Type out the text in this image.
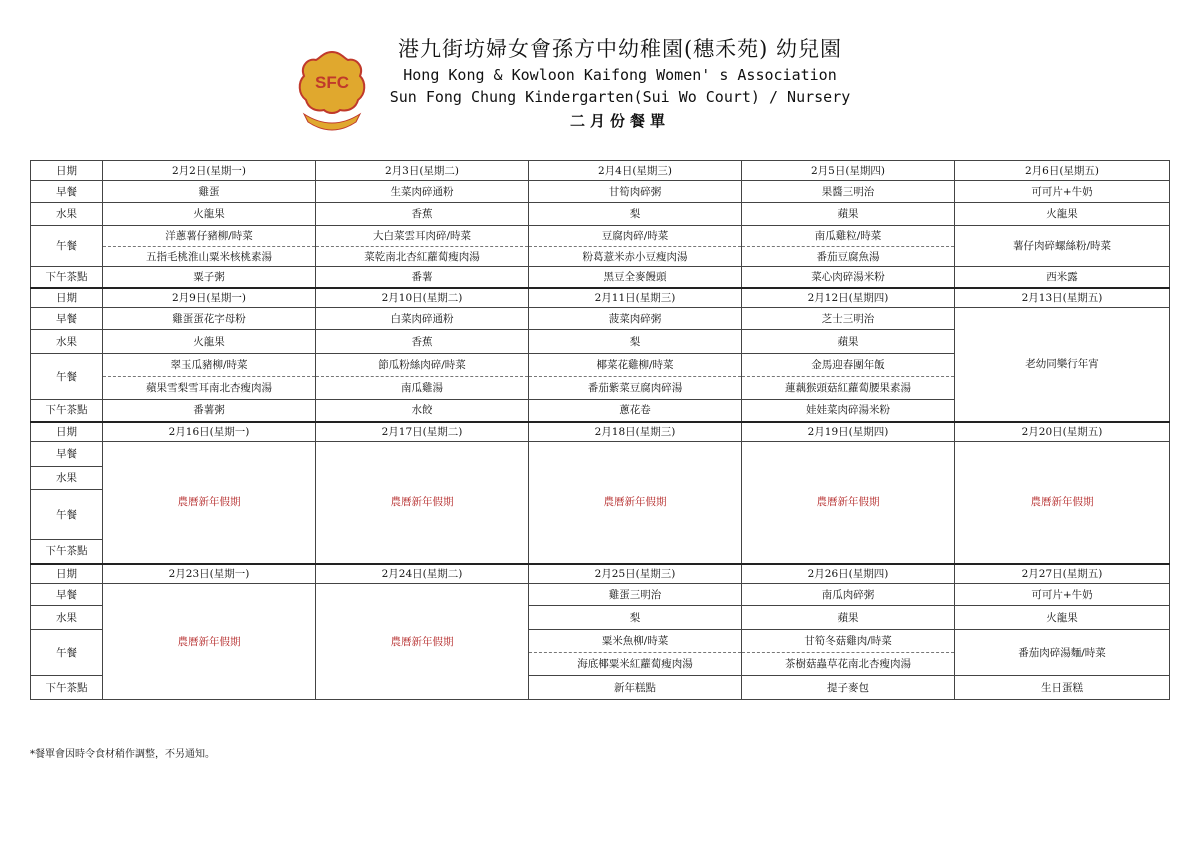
SFC
港九街坊婦女會孫方中幼稚園(穗禾苑) 幼兒園
Hong Kong & Kowloon Kaifong Women' s Association
Sun Fong Chung Kindergarten(Sui Wo Court) / Nursery
二月份餐單
日期	2月2日(星期一)	2月3日(星期二)	2月4日(星期三)	2月5日(星期四)	2月6日(星期五)
早餐	雞蛋	生菜肉碎通粉	甘筍肉碎粥	果醬三明治	可可片+牛奶
水果	火龍果	香蕉	梨	蘋果	火龍果
午餐	洋蔥薯仔豬柳/時菜	大白菜雲耳肉碎/時菜	豆腐肉碎/時菜	南瓜雞粒/時菜	薯仔肉碎螺絲粉/時菜
	五指毛桃淮山粟米核桃素湯	菜乾南北杏紅蘿蔔瘦肉湯	粉葛薏米赤小豆瘦肉湯	番茄豆腐魚湯	
下午茶點	粟子粥	番薯	黑豆全麥饅頭	菜心肉碎湯米粉	西米露
日期	2月9日(星期一)	2月10日(星期二)	2月11日(星期三)	2月12日(星期四)	2月13日(星期五)
早餐	雞蛋蛋花字母粉	白菜肉碎通粉	菠菜肉碎粥	芝士三明治	老幼同樂行年宵
水果	火龍果	香蕉	梨	蘋果	
午餐	翠玉瓜豬柳/時菜	節瓜粉絲肉碎/時菜	椰菜花雞柳/時菜	金馬迎春團年飯	
	蘋果雪梨雪耳南北杏瘦肉湯	南瓜雞湯	番茄紫菜豆腐肉碎湯	蓮藕猴頭菇紅蘿蔔腰果素湯	
下午茶點	番薯粥	水餃	蔥花卷	娃娃菜肉碎湯米粉	
日期	2月16日(星期一)	2月17日(星期二)	2月18日(星期三)	2月19日(星期四)	2月20日(星期五)
早餐	農曆新年假期	農曆新年假期	農曆新年假期	農曆新年假期	農曆新年假期
水果					
午餐					
下午茶點					
日期	2月23日(星期一)	2月24日(星期二)	2月25日(星期三)	2月26日(星期四)	2月27日(星期五)
早餐	農曆新年假期	農曆新年假期	雞蛋三明治	南瓜肉碎粥	可可片+牛奶
水果			梨	蘋果	火龍果
午餐			粟米魚柳/時菜	甘筍冬菇雞肉/時菜	番茄肉碎湯麵/時菜
			海底椰粟米紅蘿蔔瘦肉湯	茶樹菇蟲草花南北杏瘦肉湯	
下午茶點			新年糕點	提子麥包	生日蛋糕
*餐單會因時令食材稍作調整，不另通知。
